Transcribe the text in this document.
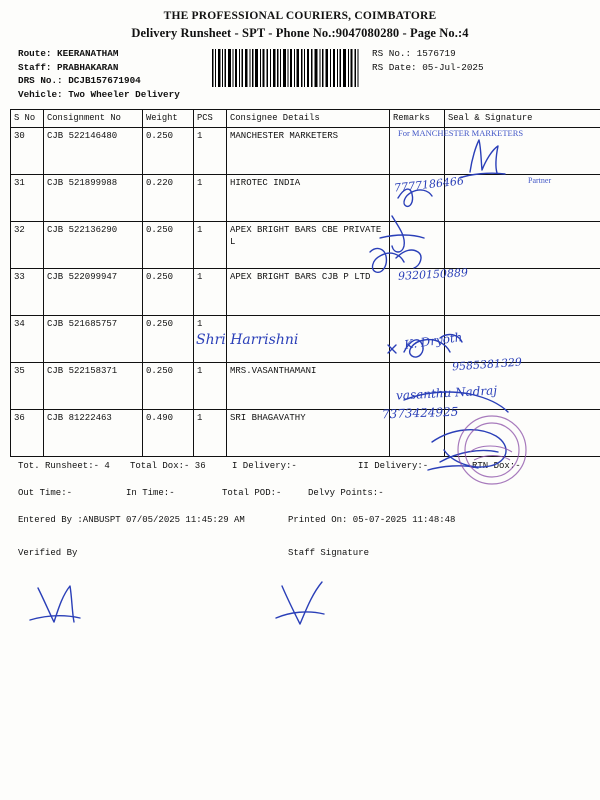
THE PROFESSIONAL COURIERS, COIMBATORE
Delivery Runsheet - SPT - Phone No.:9047080280 - Page No.:4
Route: KEERANATHAM
Staff: PRABHAKARAN
DRS No.: DCJB157671904
Vehicle: Two Wheeler Delivery
RS No.: 1576719
RS Date: 05-Jul-2025
S No	Consignment No	Weight	PCS	Consignee Details	Remarks	Seal & Signature
30	CJB 522146480	0.250	1	MANCHESTER MARKETERS		
31	CJB 521899988	0.220	1	HIROTEC INDIA		
32	CJB 522136290	0.250	1	APEX BRIGHT BARS CBE PRIVATE L		
33	CJB 522099947	0.250	1	APEX BRIGHT BARS CJB P LTD		
34	CJB 521685757	0.250	1			
35	CJB 522158371	0.250	1	MRS.VASANTHAMANI		
36	CJB 81222463	0.490	1	SRI BHAGAVATHY		
Tot. Runsheet:- 4 Total Dox:- 36	I Delivery:-	II Delivery:-	RTN Dox:-
Out Time:-	In Time:-	Total POD:-	Delvy Points:-
Entered By :ANBUSPT 07/05/2025 11:45:29 AM	Printed On: 05-07-2025 11:48:48
Verified By	Staff Signature
For MANCHESTER MARKETERS
Partner
Shri Harrishni
7777186466
9320150889
K. Dryoth
9585381329
vasanthu Nadraj
7373424925
